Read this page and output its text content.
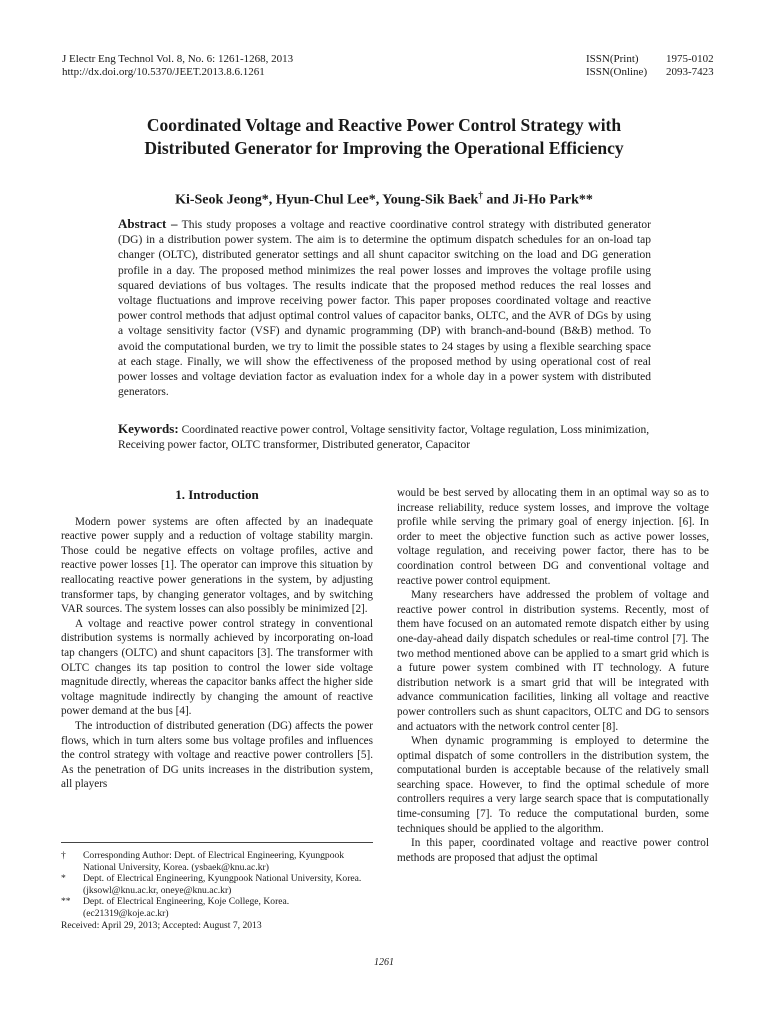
J Electr Eng Technol Vol. 8, No. 6: 1261-1268, 2013
http://dx.doi.org/10.5370/JEET.2013.8.6.1261
ISSN(Print)	1975-0102
ISSN(Online)	2093-7423
Coordinated Voltage and Reactive Power Control Strategy with
Distributed Generator for Improving the Operational Efficiency
Ki-Seok Jeong*, Hyun-Chul Lee*, Young-Sik Baek† and Ji-Ho Park**
Abstract – This study proposes a voltage and reactive coordinative control strategy with distributed generator (DG) in a distribution power system. The aim is to determine the optimum dispatch schedules for an on-load tap changer (OLTC), distributed generator settings and all shunt capacitor switching on the load and DG generation profile in a day. The proposed method minimizes the real power losses and improves the voltage profile using squared deviations of bus voltages. The results indicate that the proposed method reduces the real losses and voltage fluctuations and improve receiving power factor. This paper proposes coordinated voltage and reactive power control methods that adjust optimal control values of capacitor banks, OLTC, and the AVR of DGs by using a voltage sensitivity factor (VSF) and dynamic programming (DP) with branch-and-bound (B&B) method. To avoid the computational burden, we try to limit the possible states to 24 stages by using a flexible searching space at each stage. Finally, we will show the effectiveness of the proposed method by using operational cost of real power losses and voltage deviation factor as evaluation index for a whole day in a power system with distributed generators.
Keywords: Coordinated reactive power control, Voltage sensitivity factor, Voltage regulation, Loss minimization, Receiving power factor, OLTC transformer, Distributed generator, Capacitor
1. Introduction

Modern power systems are often affected by an inadequate reactive power supply and a reduction of voltage stability margin. Those could be negative effects on voltage profiles, active and reactive power losses [1]. The operator can improve this situation by reallocating reactive power generations in the system, by adjusting transformer taps, by changing generator voltages, and by switching VAR sources. The system losses can also possibly be minimized [2].

A voltage and reactive power control strategy in conventional distribution systems is normally achieved by incorporating on-load tap changers (OLTC) and shunt capacitors [3]. The transformer with OLTC changes its tap position to control the lower side voltage magnitude directly, whereas the capacitor banks affect the higher side voltage magnitude indirectly by changing the amount of reactive power demand at the bus [4].

The introduction of distributed generation (DG) affects the power flows, which in turn alters some bus voltage profiles and influences the control strategy with voltage and reactive power controllers [5]. As the penetration of DG units increases in the distribution system, all players

would be best served by allocating them in an optimal way so as to increase reliability, reduce system losses, and improve the voltage profile while serving the primary goal of energy injection. [6]. In order to meet the objective function such as active power losses, voltage regulation, and receiving power factor, there has to be coordination control between DG and conventional voltage and reactive power control equipment.

Many researchers have addressed the problem of voltage and reactive power control in distribution systems. Recently, most of them have focused on an automated remote dispatch either by using one-day-ahead daily dispatch schedules or real-time control [7]. The two method mentioned above can be applied to a smart grid which is a future power system combined with IT technology. A future distribution network is a smart grid that will be integrated with advance communication facilities, linking all voltage and reactive power controllers such as shunt capacitors, OLTC and DG to sensors and actuators with the network control center [8].

When dynamic programming is employed to determine the optimal dispatch of some controllers in the distribution system, the computational burden is acceptable because of the relatively small searching space. However, to find the optimal schedule of more controllers requires a very large search space that is computationally time-consuming [7]. To reduce the computational burden, some techniques should be applied to the algorithm.

In this paper, coordinated voltage and reactive power control methods are proposed that adjust the optimal

†	Corresponding Author: Dept. of Electrical Engineering, Kyungpook National University, Korea. (ysbaek@knu.ac.kr)
*	Dept. of Electrical Engineering, Kyungpook National University, Korea. (jksowl@knu.ac.kr, oneye@knu.ac.kr)
**	Dept. of Electrical Engineering, Koje College, Korea. (ec21319@koje.ac.kr)
Received: April 29, 2013; Accepted: August 7, 2013
1261
